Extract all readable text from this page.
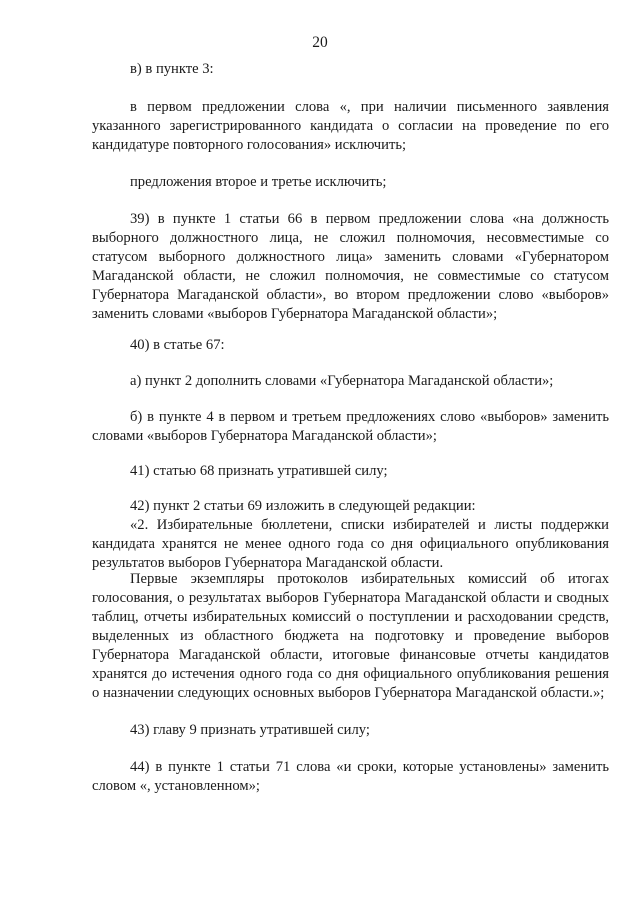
20

в) в пункте 3:

в первом предложении слова «, при наличии письменного заявления указанного зарегистрированного кандидата о согласии на проведение по его кандидатуре повторного голосования» исключить;

предложения второе и третье исключить;

39) в пункте 1 статьи 66 в первом предложении слова «на должность выборного должностного лица, не сложил полномочия, несовместимые со статусом выборного должностного лица» заменить словами «Губернатором Магаданской области, не сложил полномочия, не совместимые со статусом Губернатора Магаданской области», во втором предложении слово «выборов» заменить словами «выборов Губернатора Магаданской области»;

40) в статье 67:

а) пункт 2 дополнить словами «Губернатора Магаданской области»;

б) в пункте 4 в первом и третьем предложениях слово «выборов» заменить словами «выборов Губернатора Магаданской области»;

41) статью 68 признать утратившей силу;

42) пункт 2 статьи 69 изложить в следующей редакции:

«2. Избирательные бюллетени, списки избирателей и листы поддержки кандидата хранятся не менее одного года со дня официального опубликования результатов выборов Губернатора Магаданской области.

Первые экземпляры протоколов избирательных комиссий об итогах голосования, о результатах выборов Губернатора Магаданской области и сводных таблиц, отчеты избирательных комиссий о поступлении и расходовании средств, выделенных из областного бюджета на подготовку и проведение выборов Губернатора Магаданской области, итоговые финансовые отчеты кандидатов хранятся до истечения одного года со дня официального опубликования решения о назначении следующих основных выборов Губернатора Магаданской области.»;

43) главу 9 признать утратившей силу;

44) в пункте 1 статьи 71 слова «и сроки, которые установлены» заменить словом «, установленном»;
